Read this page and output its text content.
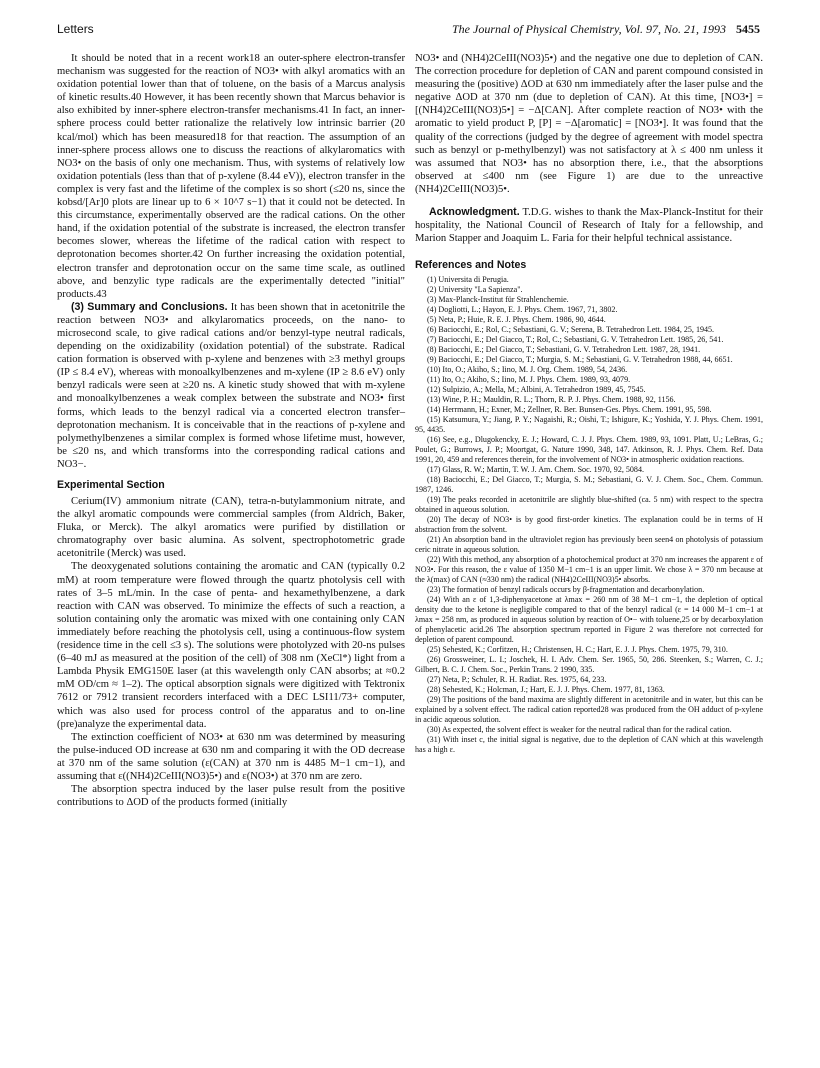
Letters	The Journal of Physical Chemistry, Vol. 97, No. 21, 1993 5455

It should be noted that in a recent work18 an outer-sphere electron-transfer mechanism was suggested for the reaction of NO3• with alkyl aromatics with an oxidation potential lower than that of toluene, on the basis of a Marcus analysis of kinetic results.40 However, it has been recently shown that Marcus behavior is also exhibited by inner-sphere electron-transfer mechanisms.41 In fact, an inner-sphere process could better rationalize the relatively low intrinsic barrier (20 kcal/mol) which has been measured18 for that reaction. The assumption of an inner-sphere process allows one to discuss the reactions of alkylaromatics with NO3• on the basis of only one mechanism. Thus, with systems of relatively low oxidation potentials (less than that of p-xylene (8.44 eV)), electron transfer in the complex is very fast and the lifetime of the complex is so short (≤20 ns, since the kobsd/[Ar]0 plots are linear up to 6 × 10^7 s−1) that it could not be detected. In this circumstance, experimentally observed are the radical cations. On the other hand, if the oxidation potential of the substrate is increased, the electron transfer becomes slower, whereas the lifetime of the radical cation with respect to deprotonation becomes shorter.42 On further increasing the oxidation potential, electron transfer and deprotonation occur on the same time scale, as outlined above, and benzylic type radicals are the experimentally detected "initial" products.43

(3) Summary and Conclusions. It has been shown that in acetonitrile the reaction between NO3• and alkylaromatics proceeds, on the nano- to microsecond scale, to give radical cations and/or benzyl-type neutral radicals, depending on the oxidizability (oxidation potential) of the substrate. Radical cation formation is observed with p-xylene and benzenes with ≥3 methyl groups (IP ≤ 8.4 eV), whereas with monoalkylbenzenes and m-xylene (IP ≥ 8.6 eV) only benzyl radicals were seen at ≥20 ns. A kinetic study showed that with m-xylene and monoalkylbenzenes a weak complex between the substrate and NO3• first forms, which leads to the benzyl radical via a concerted electron transfer–deprotonation mechanism. It is conceivable that in the reactions of p-xylene and polymethylbenzenes a similar complex is formed whose lifetime must, however, be ≤20 ns, and which transforms into the corresponding radical cations and NO3−.

Experimental Section

Cerium(IV) ammonium nitrate (CAN), tetra-n-butylammonium nitrate, and the alkyl aromatic compounds were commercial samples (from Aldrich, Baker, Fluka, or Merck). The alkyl aromatics were purified by distillation or chromatography over basic alumina. As solvent, spectrophotometric grade acetonitrile (Merck) was used.

The deoxygenated solutions containing the aromatic and CAN (typically 0.2 mM) at room temperature were flowed through the quartz photolysis cell with rates of 3–5 mL/min. In the case of penta- and hexamethylbenzene, a dark reaction with CAN was observed. To minimize the effects of such a reaction, a solution containing only the aromatic was mixed with one containing only CAN immediately before reaching the photolysis cell, using a continuous-flow system (residence time in the cell ≤3 s). The solutions were photolyzed with 20-ns pulses (6–40 mJ as measured at the position of the cell) of 308 nm (XeCl*) light from a Lambda Physik EMG150E laser (at this wavelength only CAN absorbs; at ≈0.2 mM OD/cm ≈ 1–2). The optical absorption signals were digitized with Tektronix 7612 or 7912 transient recorders interfaced with a DEC LSI11/73+ computer, which was also used for process control of the apparatus and to on-line (pre)analyze the experimental data.

The extinction coefficient of NO3• at 630 nm was determined by measuring the pulse-induced OD increase at 630 nm and comparing it with the OD decrease at 370 nm of the same solution (ε(CAN) at 370 nm is 4485 M−1 cm−1), and assuming that ε((NH4)2CeIII(NO3)5•) and ε(NO3•) at 370 nm are zero.

The absorption spectra induced by the laser pulse result from the positive contributions to ΔOD of the products formed (initially

NO3• and (NH4)2CeIII(NO3)5•) and the negative one due to depletion of CAN. The correction procedure for depletion of CAN and parent compound consisted in measuring the (positive) ΔOD at 630 nm immediately after the laser pulse and the negative ΔOD at 370 nm (due to depletion of CAN). At this time, [NO3•] = [(NH4)2CeIII(NO3)5•] = −Δ[CAN]. After complete reaction of NO3• with the aromatic to yield product P, [P] = −Δ[aromatic] = [NO3•]. It was found that the quality of the corrections (judged by the degree of agreement with model spectra such as benzyl or p-methylbenzyl) was not satisfactory at λ ≤ 400 nm unless it was assumed that NO3• has no absorption there, i.e., that the absorptions observed at ≤400 nm (see Figure 1) are due to the unreactive (NH4)2CeIII(NO3)5•.

Acknowledgment. T.D.G. wishes to thank the Max-Planck-Institut for their hospitality, the National Council of Research of Italy for a fellowship, and Marion Stapper and Joaquim L. Faria for their helpful technical assistance.

References and Notes

(1) Universita di Perugia.

(2) University "La Sapienza".

(3) Max-Planck-Institut für Strahlenchemie.

(4) Dogliotti, L.; Hayon, E. J. Phys. Chem. 1967, 71, 3802.

(5) Neta, P.; Huie, R. E. J. Phys. Chem. 1986, 90, 4644.

(6) Baciocchi, E.; Rol, C.; Sebastiani, G. V.; Serena, B. Tetrahedron Lett. 1984, 25, 1945.

(7) Baciocchi, E.; Del Giacco, T.; Rol, C.; Sebastiani, G. V. Tetrahedron Lett. 1985, 26, 541.

(8) Baciocchi, E.; Del Giacco, T.; Sebastiani, G. V. Tetrahedron Lett. 1987, 28, 1941.

(9) Baciocchi, E.; Del Giacco, T.; Murgia, S. M.; Sebastiani, G. V. Tetrahedron 1988, 44, 6651.

(10) Ito, O.; Akiho, S.; Iino, M. J. Org. Chem. 1989, 54, 2436.

(11) Ito, O.; Akiho, S.; Iino, M. J. Phys. Chem. 1989, 93, 4079.

(12) Sulpizio, A.; Mella, M.; Albini, A. Tetrahedron 1989, 45, 7545.

(13) Wine, P. H.; Mauldin, R. L.; Thorn, R. P. J. Phys. Chem. 1988, 92, 1156.

(14) Herrmann, H.; Exner, M.; Zellner, R. Ber. Bunsen-Ges. Phys. Chem. 1991, 95, 598.

(15) Katsumura, Y.; Jiang, P. Y.; Nagaishi, R.; Oishi, T.; Ishigure, K.; Yoshida, Y. J. Phys. Chem. 1991, 95, 4435.

(16) See, e.g., Dlugokencky, E. J.; Howard, C. J. J. Phys. Chem. 1989, 93, 1091. Platt, U.; LeBras, G.; Poulet, G.; Burrows, J. P.; Moortgat, G. Nature 1990, 348, 147. Atkinson, R. J. Phys. Chem. Ref. Data 1991, 20, 459 and references therein, for the involvement of NO3• in atmospheric oxidation reactions.

(17) Glass, R. W.; Martin, T. W. J. Am. Chem. Soc. 1970, 92, 5084.

(18) Baciocchi, E.; Del Giacco, T.; Murgia, S. M.; Sebastiani, G. V. J. Chem. Soc., Chem. Commun. 1987, 1246.

(19) The peaks recorded in acetonitrile are slightly blue-shifted (ca. 5 nm) with respect to the spectra obtained in aqueous solution.

(20) The decay of NO3• is by good first-order kinetics. The explanation could be in terms of H abstraction from the solvent.

(21) An absorption band in the ultraviolet region has previously been seen4 on photolysis of potassium ceric nitrate in aqueous solution.

(22) With this method, any absorption of a photochemical product at 370 nm increases the apparent ε of NO3•. For this reason, the ε value of 1350 M−1 cm−1 is an upper limit. We chose λ = 370 nm because at the λ(max) of CAN (≈330 nm) the radical (NH4)2CeIII(NO3)5• absorbs.

(23) The formation of benzyl radicals occurs by β-fragmentation and decarbonylation.

(24) With an ε of 1,3-diphenyacetone at λmax = 260 nm of 38 M−1 cm−1, the depletion of optical density due to the ketone is negligible compared to that of the benzyl radical (ε = 14 000 M−1 cm−1 at λmax = 258 nm, as produced in aqueous solution by reaction of O•− with toluene,25 or by decarboxylation of phenylacetic acid.26 The absorption spectrum reported in Figure 2 was therefore not corrected for depletion of parent compound.

(25) Sehested, K.; Corfitzen, H.; Christensen, H. C.; Hart, E. J. J. Phys. Chem. 1975, 79, 310.

(26) Grossweiner, L. I.; Joschek, H. I. Adv. Chem. Ser. 1965, 50, 286. Steenken, S.; Warren, C. J.; Gilbert, B. C. J. Chem. Soc., Perkin Trans. 2 1990, 335.

(27) Neta, P.; Schuler, R. H. Radiat. Res. 1975, 64, 233.

(28) Sehested, K.; Holcman, J.; Hart, E. J. J. Phys. Chem. 1977, 81, 1363.

(29) The positions of the band maxima are slightly different in acetonitrile and in water, but this can be explained by a solvent effect. The radical cation reported28 was produced from the OH adduct of p-xylene in acidic aqueous solution.

(30) As expected, the solvent effect is weaker for the neutral radical than for the radical cation.

(31) With inset c, the initial signal is negative, due to the depletion of CAN which at this wavelength has a high ε.
